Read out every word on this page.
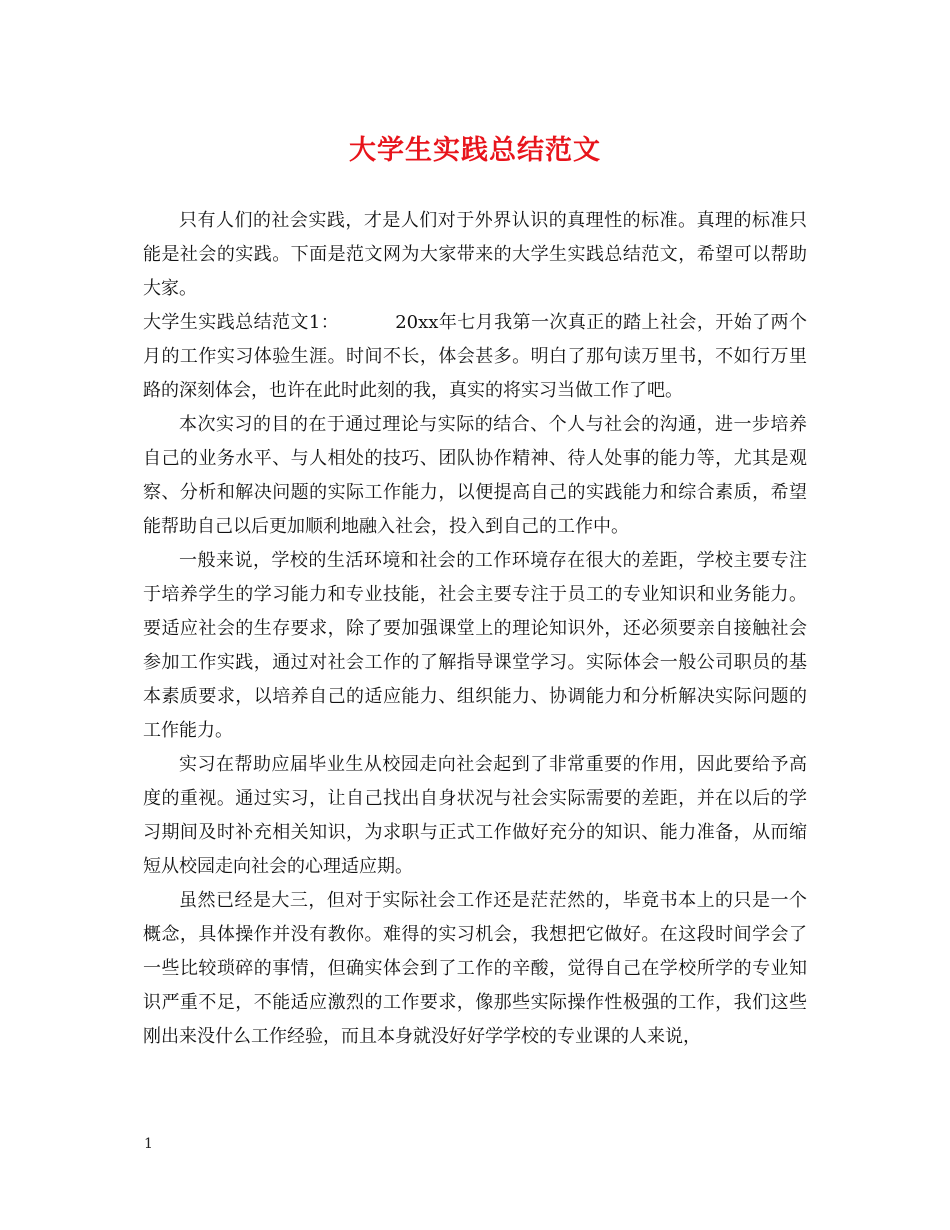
大学生实践总结范文

只有人们的社会实践，才是人们对于外界认识的真理性的标准。真理的标准只能是社会的实践。下面是范文网为大家带来的大学生实践总结范文，希望可以帮助大家。

大学生实践总结范文1：	20xx年七月我第一次真正的踏上社会，开始了两个月的工作实习体验生涯。时间不长，体会甚多。明白了那句读万里书，不如行万里路的深刻体会，也许在此时此刻的我，真实的将实习当做工作了吧。

本次实习的目的在于通过理论与实际的结合、个人与社会的沟通，进一步培养自己的业务水平、与人相处的技巧、团队协作精神、待人处事的能力等，尤其是观察、分析和解决问题的实际工作能力，以便提高自己的实践能力和综合素质，希望能帮助自己以后更加顺利地融入社会，投入到自己的工作中。

一般来说，学校的生活环境和社会的工作环境存在很大的差距，学校主要专注于培养学生的学习能力和专业技能，社会主要专注于员工的专业知识和业务能力。要适应社会的生存要求，除了要加强课堂上的理论知识外，还必须要亲自接触社会参加工作实践，通过对社会工作的了解指导课堂学习。实际体会一般公司职员的基本素质要求，以培养自己的适应能力、组织能力、协调能力和分析解决实际问题的工作能力。

实习在帮助应届毕业生从校园走向社会起到了非常重要的作用，因此要给予高度的重视。通过实习，让自己找出自身状况与社会实际需要的差距，并在以后的学习期间及时补充相关知识，为求职与正式工作做好充分的知识、能力准备，从而缩短从校园走向社会的心理适应期。

虽然已经是大三，但对于实际社会工作还是茫茫然的，毕竟书本上的只是一个概念，具体操作并没有教你。难得的实习机会，我想把它做好。在这段时间学会了一些比较琐碎的事情，但确实体会到了工作的辛酸，觉得自己在学校所学的专业知识严重不足，不能适应激烈的工作要求，像那些实际操作性极强的工作，我们这些刚出来没什么工作经验，而且本身就没好好学学校的专业课的人来说，

1
